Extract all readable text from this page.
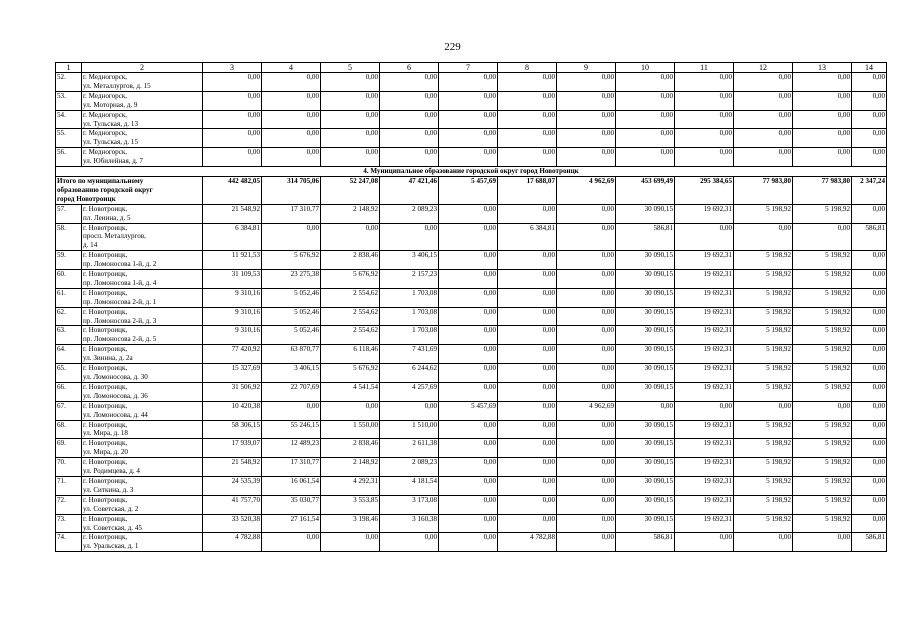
229
1	2	3	4	5	6	7	8	9	10	11	12	13	14
52.	г. Медногорск,
ул. Металлургов, д. 15	0,00	0,00	0,00	0,00	0,00	0,00	0,00	0,00	0,00	0,00	0,00	0,00
53.	г. Медногорск,
ул. Моторная, д. 9	0,00	0,00	0,00	0,00	0,00	0,00	0,00	0,00	0,00	0,00	0,00	0,00
54.	г. Медногорск,
ул. Тульская, д. 13	0,00	0,00	0,00	0,00	0,00	0,00	0,00	0,00	0,00	0,00	0,00	0,00
55.	г. Медногорск,
ул. Тульская, д. 15	0,00	0,00	0,00	0,00	0,00	0,00	0,00	0,00	0,00	0,00	0,00	0,00
56.	г. Медногорск,
ул. Юбилейная, д. 7	0,00	0,00	0,00	0,00	0,00	0,00	0,00	0,00	0,00	0,00	0,00	0,00
4. Муниципальное образование городской округ город Новотроицк													

Итого по муниципальному
образованию городской округ
город Новотроицк		442 482,05	314 705,06	52 247,08	47 421,46	5 457,69	17 688,07	4 962,69	453 699,49	295 384,65	77 983,80	77 983,80	2 347,24
57.	г. Новотроицк,
пл. Ленина, д. 5	21 548,92	17 310,77	2 148,92	2 089,23	0,00	0,00	0,00	30 090,15	19 692,31	5 198,92	5 198,92	0,00
58.	г. Новотроицк,
просп. Металлургов,
д. 14	6 384,81	0,00	0,00	0,00	0,00	6 384,81	0,00	586,81	0,00	0,00	0,00	586,81
59.	г. Новотроицк,
пр. Ломоносова 1-й, д. 2	11 921,53	5 676,92	2 838,46	3 406,15	0,00	0,00	0,00	30 090,15	19 692,31	5 198,92	5 198,92	0,00
60.	г. Новотроицк,
пр. Ломоносова 1-й, д. 4	31 109,53	23 275,38	5 676,92	2 157,23	0,00	0,00	0,00	30 090,15	19 692,31	5 198,92	5 198,92	0,00
61.	г. Новотроицк,
пр. Ломоносова 2-й, д. 1	9 310,16	5 052,46	2 554,62	1 703,08	0,00	0,00	0,00	30 090,15	19 692,31	5 198,92	5 198,92	0,00
62.	г. Новотроицк,
пр. Ломоносова 2-й, д. 3	9 310,16	5 052,46	2 554,62	1 703,08	0,00	0,00	0,00	30 090,15	19 692,31	5 198,92	5 198,92	0,00
63.	г. Новотроицк,
пр. Ломоносова 2-й, д. 5	9 310,16	5 052,46	2 554,62	1 703,08	0,00	0,00	0,00	30 090,15	19 692,31	5 198,92	5 198,92	0,00
64.	г. Новотроицк,
ул. Зинина, д. 2а	77 420,92	63 870,77	6 118,46	7 431,69	0,00	0,00	0,00	30 090,15	19 692,31	5 198,92	5 198,92	0,00
65.	г. Новотроицк,
ул. Ломоносова, д. 30	15 327,69	3 406,15	5 676,92	6 244,62	0,00	0,00	0,00	30 090,15	19 692,31	5 198,92	5 198,92	0,00
66.	г. Новотроицк,
ул. Ломоносова, д. 36	31 506,92	22 707,69	4 541,54	4 257,69	0,00	0,00	0,00	30 090,15	19 692,31	5 198,92	5 198,92	0,00
67.	г. Новотроицк,
ул. Ломоносова, д. 44	10 420,38	0,00	0,00	0,00	5 457,69	0,00	4 962,69	0,00	0,00	0,00	0,00	0,00
68.	г. Новотроицк,
ул. Мира, д. 18	58 306,15	55 246,15	1 550,00	1 510,00	0,00	0,00	0,00	30 090,15	19 692,31	5 198,92	5 198,92	0,00
69.	г. Новотроицк,
ул. Мира, д. 20	17 939,07	12 489,23	2 838,46	2 611,38	0,00	0,00	0,00	30 090,15	19 692,31	5 198,92	5 198,92	0,00
70.	г. Новотроицк,
ул. Родимцева, д. 4	21 548,92	17 310,77	2 148,92	2 089,23	0,00	0,00	0,00	30 090,15	19 692,31	5 198,92	5 198,92	0,00
71.	г. Новотроицк,
ул. Ситкина, д. 3	24 535,39	16 061,54	4 292,31	4 181,54	0,00	0,00	0,00	30 090,15	19 692,31	5 198,92	5 198,92	0,00
72.	г. Новотроицк,
ул. Советская, д. 2	41 757,70	35 030,77	3 553,85	3 173,08	0,00	0,00	0,00	30 090,15	19 692,31	5 198,92	5 198,92	0,00
73.	г. Новотроицк,
ул. Советская, д. 45	33 520,38	27 161,54	3 198,46	3 160,38	0,00	0,00	0,00	30 090,15	19 692,31	5 198,92	5 198,92	0,00
74.	г. Новотроицк,
ул. Уральская, д. 1	4 782,88	0,00	0,00	0,00	0,00	4 782,88	0,00	586,81	0,00	0,00	0,00	586,81
